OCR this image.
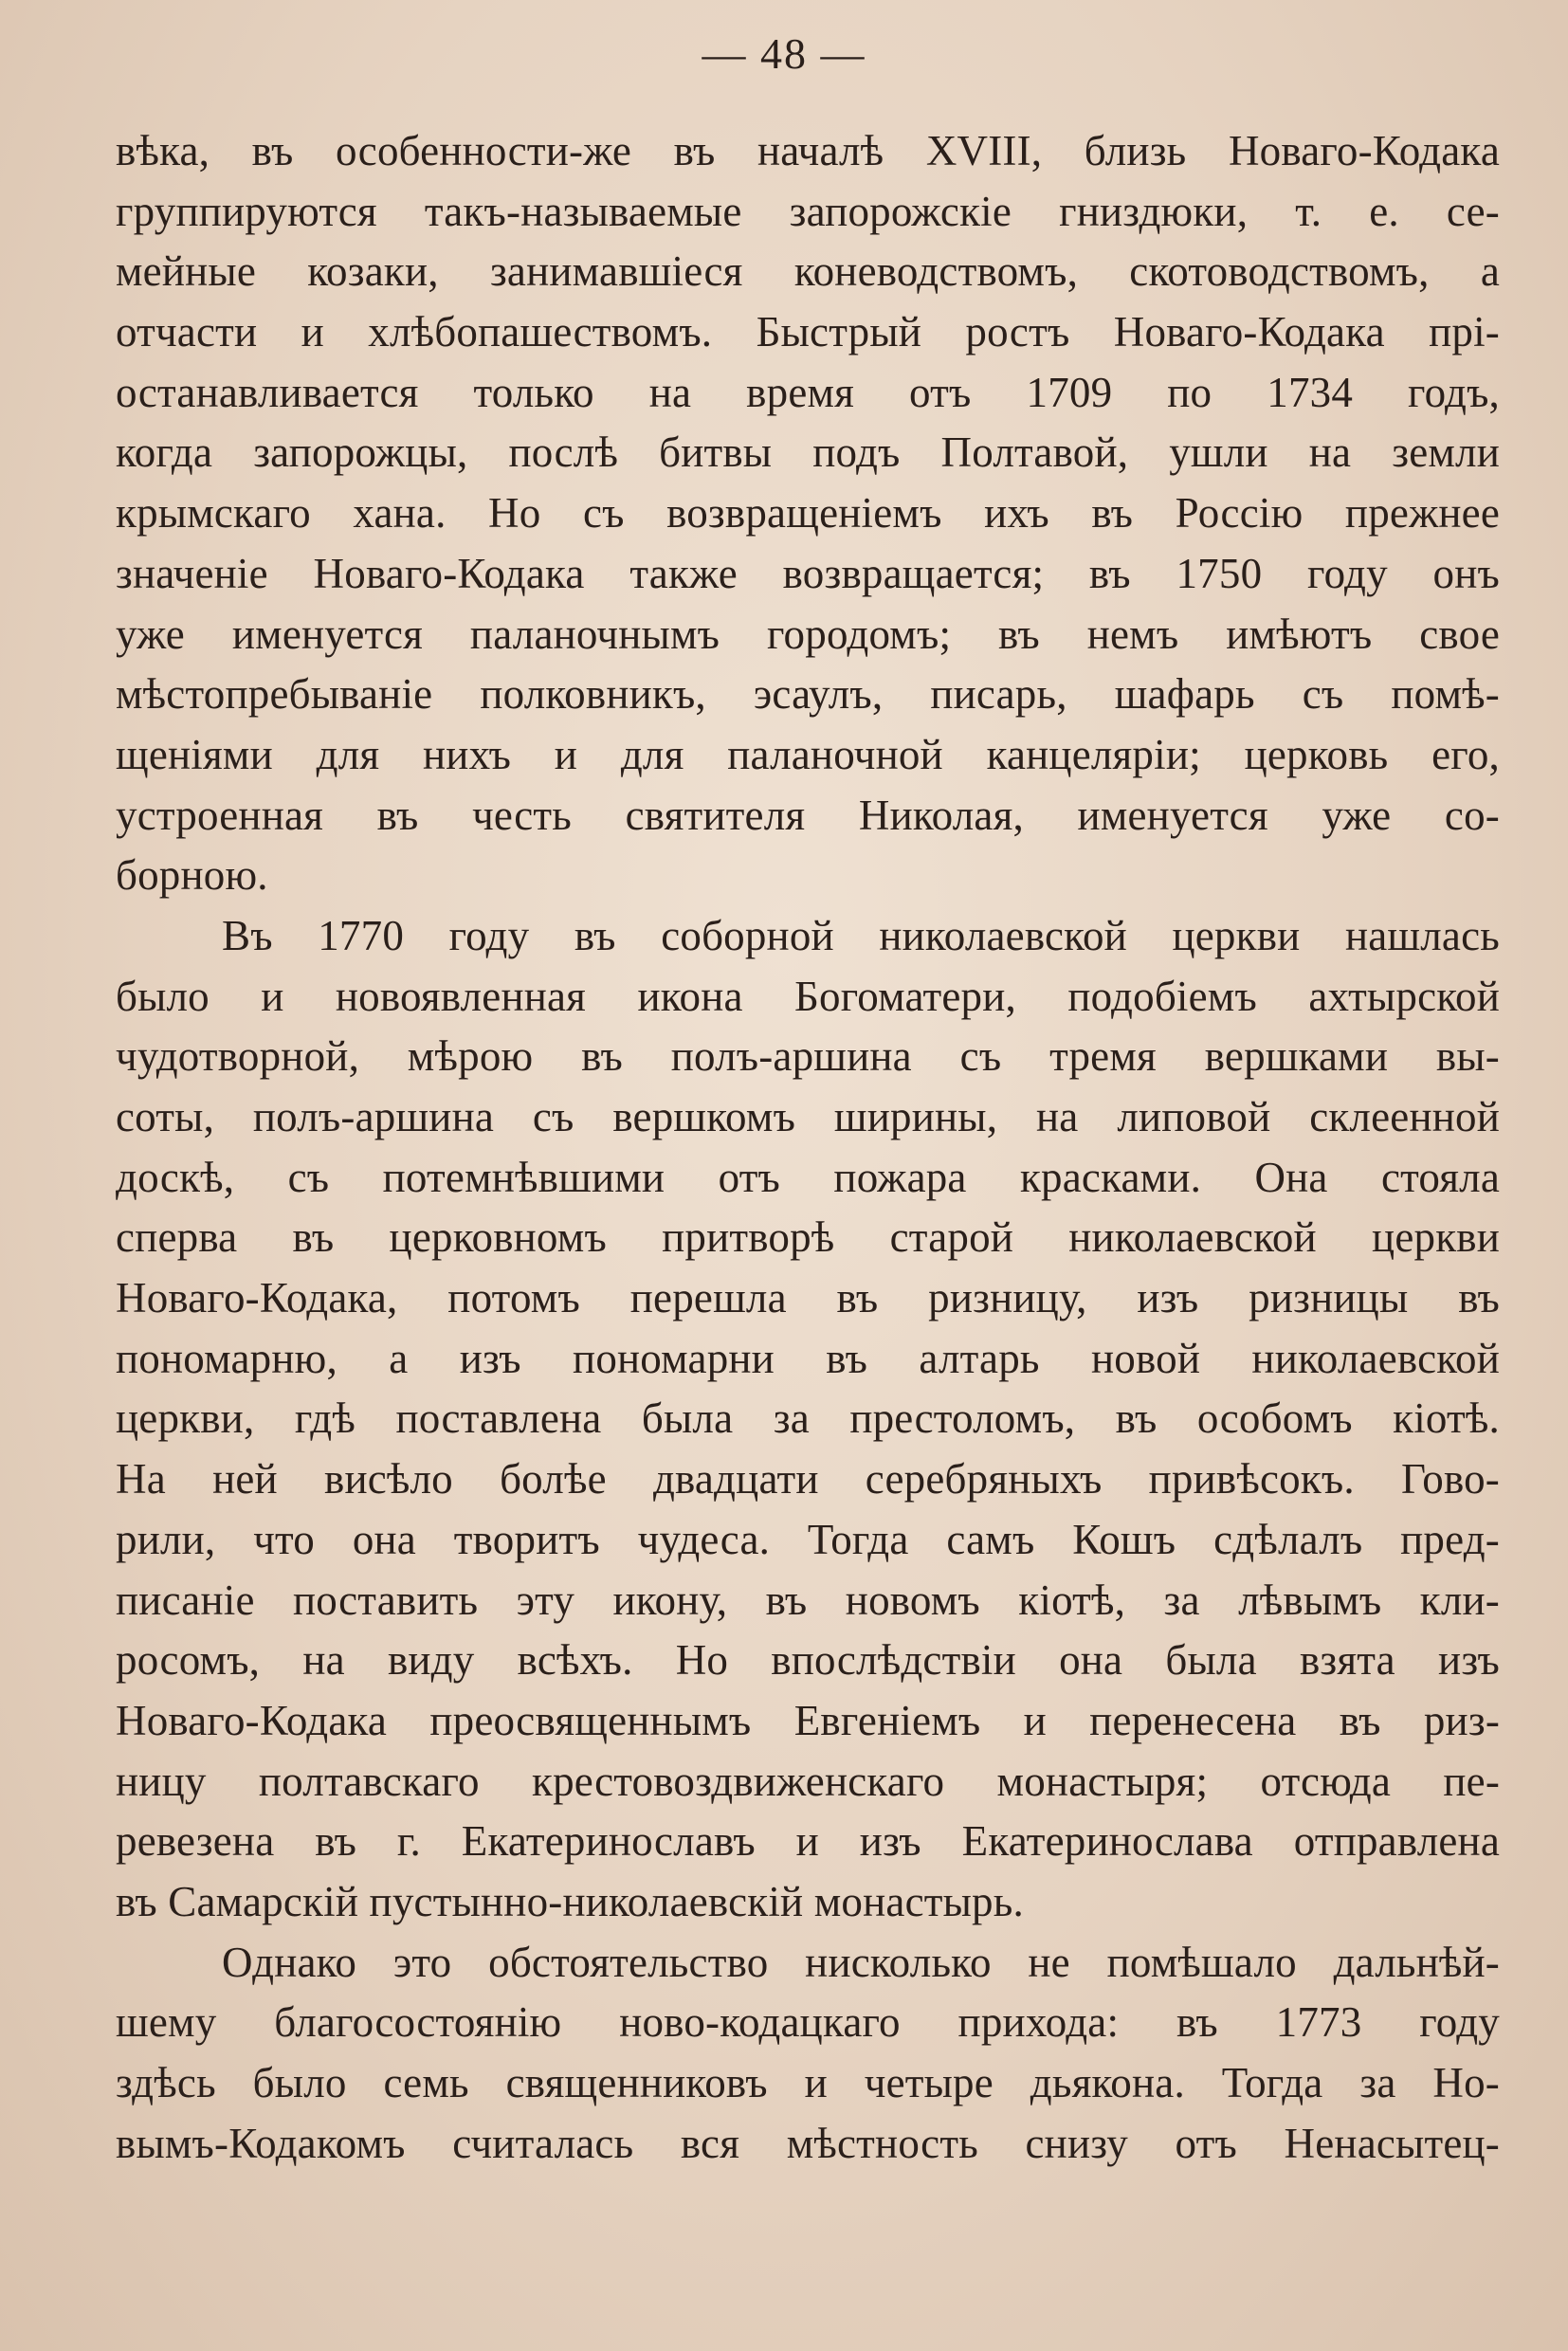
— 48 —
вѣка, въ особенности-же въ началѣ XVIII, близь Новаго-Кодака
группируются такъ-называемые запорожскіе гниздюки, т. е. се-
мейные козаки, занимавшіеся коневодствомъ, скотоводствомъ, а
отчасти и хлѣбопашествомъ. Быстрый ростъ Новаго-Кодака прі-
останавливается только на время отъ 1709 по 1734 годъ,
когда запорожцы, послѣ битвы подъ Полтавой, ушли на земли
крымскаго хана. Но съ возвращеніемъ ихъ въ Россію прежнее
значеніе Новаго-Кодака также возвращается; въ 1750 году онъ
уже именуется паланочнымъ городомъ; въ немъ имѣютъ свое
мѣстопребываніе полковникъ, эсаулъ, писарь, шафарь съ помѣ-
щеніями для нихъ и для паланочной канцеляріи; церковь его,
устроенная въ честь святителя Николая, именуется уже со-
борною.
Въ 1770 году въ соборной николаевской церкви нашлась
было и новоявленная икона Богоматери, подобіемъ ахтырской
чудотворной, мѣрою въ полъ-аршина съ тремя вершками вы-
соты, полъ-аршина съ вершкомъ ширины, на липовой склеенной
доскѣ, съ потемнѣвшими отъ пожара красками. Она стояла
сперва въ церковномъ притворѣ старой николаевской церкви
Новаго-Кодака, потомъ перешла въ ризницу, изъ ризницы въ
пономарню, а изъ пономарни въ алтарь новой николаевской
церкви, гдѣ поставлена была за престоломъ, въ особомъ кіотѣ.
На ней висѣло болѣе двадцати серебряныхъ привѣсокъ. Гово-
рили, что она творитъ чудеса. Тогда самъ Кошъ сдѣлалъ пред-
писаніе поставить эту икону, въ новомъ кіотѣ, за лѣвымъ кли-
росомъ, на виду всѣхъ. Но впослѣдствіи она была взята изъ
Новаго-Кодака преосвященнымъ Евгеніемъ и перенесена въ риз-
ницу полтавскаго крестовоздвиженскаго монастыря; отсюда пе-
ревезена въ г. Екатеринославъ и изъ Екатеринослава отправлена
въ Самарскій пустынно-николаевскій монастырь.
Однако это обстоятельство нисколько не помѣшало дальнѣй-
шему благосостоянію ново-кодацкаго прихода: въ 1773 году
здѣсь было семь священниковъ и четыре дьякона. Тогда за Но-
вымъ-Кодакомъ считалась вся мѣстность снизу отъ Ненасытец-
